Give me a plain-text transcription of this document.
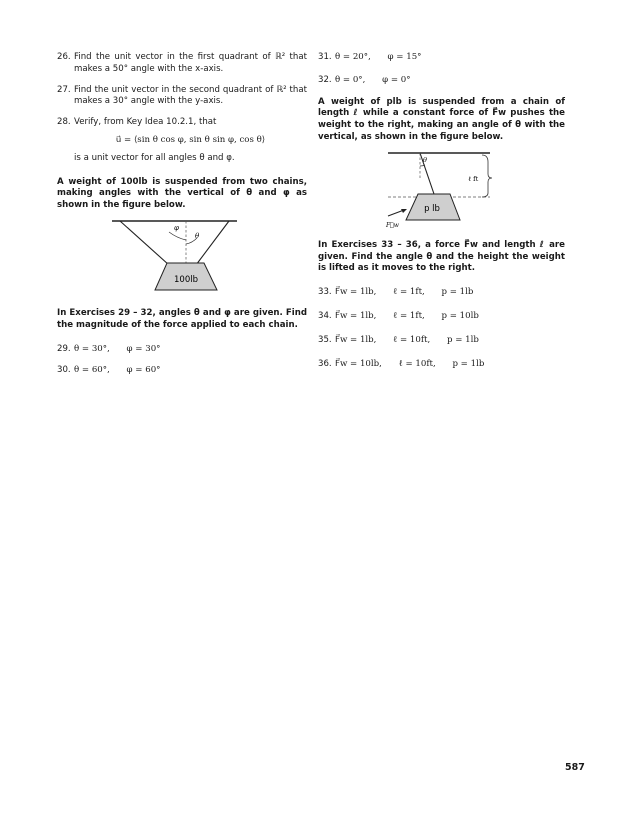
26. Find the unit vector in the first quadrant of ℝ² that makes a 50° angle with the x-axis.
27. Find the unit vector in the second quadrant of ℝ² that makes a 30° angle with the y-axis.
28. Verify, from Key Idea 10.2.1, that
u⃗ = ⟨sin θ cos φ, sin θ sin φ, cos θ⟩
is a unit vector for all angles θ and φ.
A weight of 100lb is suspended from two chains, making angles with the vertical of θ and φ as shown in the figure below.
φ
θ
100lb
In Exercises 29 – 32, angles θ and φ are given. Find the magnitude of the force applied to each chain.
29. θ = 30°, φ = 30°
30. θ = 60°, φ = 60°
31. θ = 20°, φ = 15°
32. θ = 0°, φ = 0°
A weight of plb is suspended from a chain of length ℓ while a constant force of F⃗w pushes the weight to the right, making an angle of θ with the vertical, as shown in the figure below.
θ
ℓ ft
p lb
F⃗w
In Exercises 33 – 36, a force F⃗w and length ℓ are given. Find the angle θ and the height the weight is lifted as it moves to the right.
33. F⃗w = 1lb, ℓ = 1ft, p = 1lb
34. F⃗w = 1lb, ℓ = 1ft, p = 10lb
35. F⃗w = 1lb, ℓ = 10ft, p = 1lb
36. F⃗w = 10lb, ℓ = 10ft, p = 1lb
587
